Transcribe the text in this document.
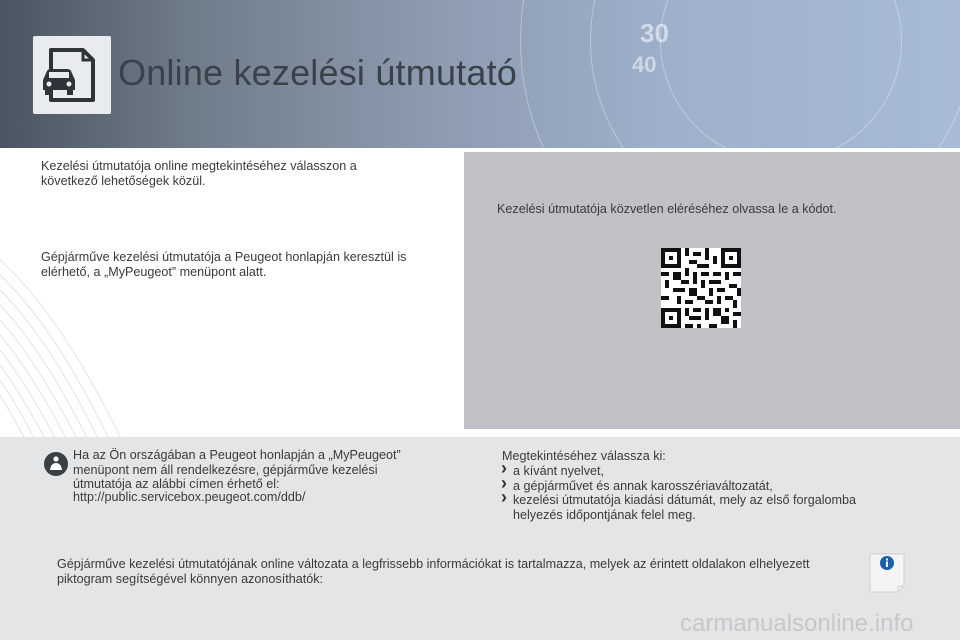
30
40
Online kezelési útmutató
Kezelési útmutatója online megtekintéséhez válasszon a következő lehetőségek közül.
Gépjárműve kezelési útmutatója a Peugeot honlapján keresztül is elérhető, a „MyPeugeot” menüpont alatt.
Kezelési útmutatója közvetlen eléréséhez olvassa le a kódot.
Ha az Ön országában a Peugeot honlapján a „MyPeugeot” menüpont nem áll rendelkezésre, gépjárműve kezelési útmutatója az alábbi címen érhető el:
http://public.servicebox.peugeot.com/ddb/
Megtekintéséhez válassza ki:
› a kívánt nyelvet,
› a gépjárművet és annak karosszériaváltozatát,
› kezelési útmutatója kiadási dátumát, mely az első forgalomba helyezés időpontjának felel meg.
Gépjárműve kezelési útmutatójának online változata a legfrissebb információkat is tartalmazza, melyek az érintett oldalakon elhelyezett piktogram segítségével könnyen azonosíthatók:
carmanualsonline.info
